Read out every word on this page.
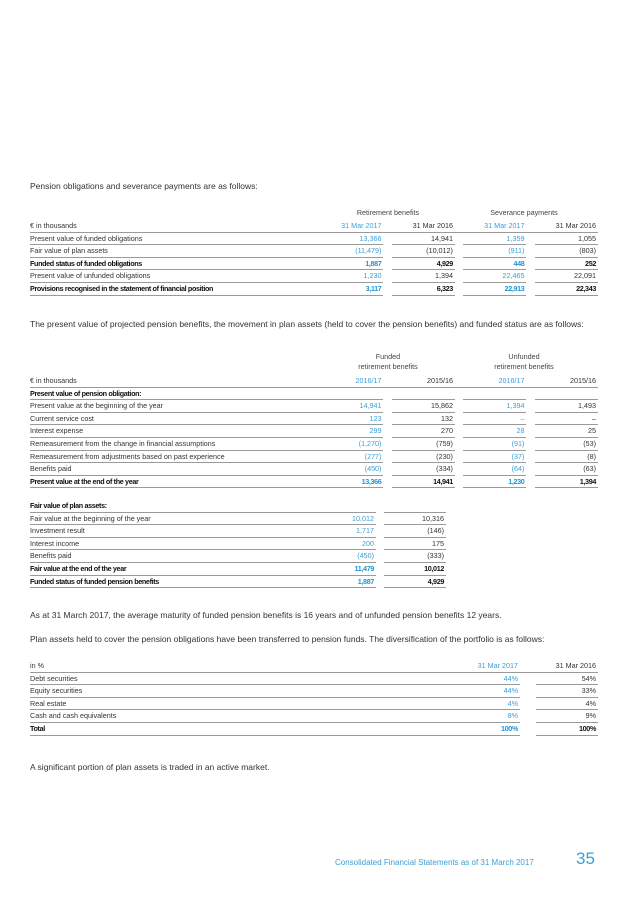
Pension obligations and severance payments are as follows:
Retirement benefits	Severance payments
€ in thousands	31 Mar 2017		31 Mar 2016		31 Mar 2017		31 Mar 2016
Present value of funded obligations	13,366		14,941		1,359		1,055
Fair value of plan assets	(11,479)		(10,012)		(911)		(803)
Funded status of funded obligations	1,887		4,929		448		252
Present value of unfunded obligations	1,230		1,394		22,465		22,091
Provisions recognised in the statement of financial position	3,117		6,323		22,913		22,343
The present value of projected pension benefits, the movement in plan assets (held to cover the pension benefits) and funded status are as follows:
Funded
retirement benefits
Unfunded
retirement benefits
€ in thousands	2016/17		2015/16		2016/17		2015/16
Present value of pension obligation:							
Present value at the beginning of the year	14,941		15,862		1,394		1,493
Current service cost	123		132		–		–
Interest expense	299		270		28		25
Remeasurement from the change in financial assumptions	(1,270)		(759)		(91)		(53)
Remeasurement from adjustments based on past experience	(277)		(230)		(37)		(8)
Benefits paid	(450)		(334)		(64)		(63)
Present value at the end of the year	13,366		14,941		1,230		1,394
Fair value of plan assets:				
Fair value at the beginning of the year	10,012		10,316	
Investment result	1,717		(146)	
Interest income	200		175	
Benefits paid	(450)		(333)	
Fair value at the end of the year	11,479		10,012	
Funded status of funded pension benefits	1,887		4,929	
As at 31 March 2017, the average maturity of funded pension benefits is 16 years and of unfunded pension benefits 12 years.
Plan assets held to cover the pension obligations have been transferred to pension funds. The diversification of the portfolio is as follows:
in %	31 Mar 2017		31 Mar 2016
Debt securities	44%		54%
Equity securities	44%		33%
Real estate	4%		4%
Cash and cash equivalents	8%		9%
Total	100%		100%
A significant portion of plan assets is traded in an active market.
Consolidated Financial Statements as of 31 March 2017 35
